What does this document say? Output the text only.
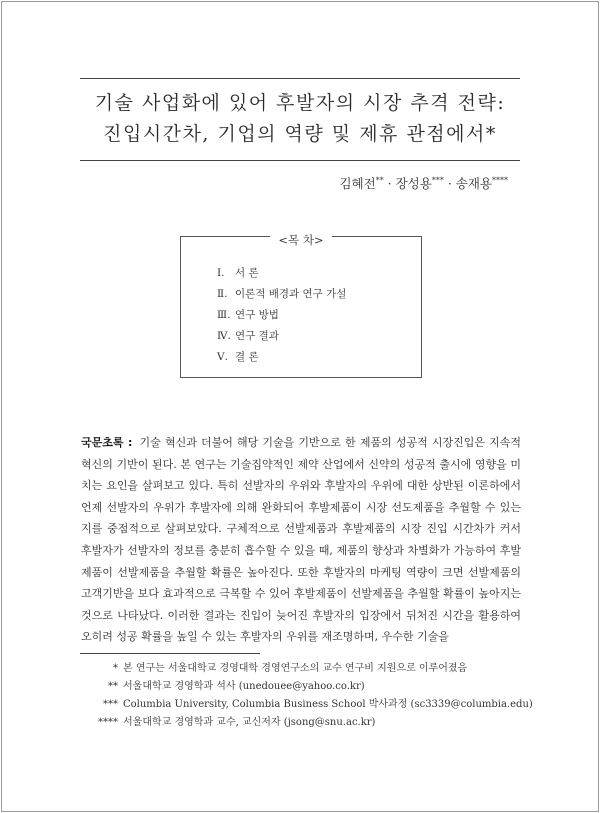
기술 사업화에 있어 후발자의 시장 추격 전략:
진입시간차, 기업의 역량 및 제휴 관점에서*
김혜전** · 장성용*** · 송재용****
<목 차>
Ⅰ. 서 론
Ⅱ. 이론적 배경과 연구 가설
Ⅲ. 연구 방법
Ⅳ. 연구 결과
Ⅴ. 결 론
국문초록 : 기술 혁신과 더불어 해당 기술을 기반으로 한 제품의 성공적 시장진입은 지속적 혁신의 기반이 된다. 본 연구는 기술집약적인 제약 산업에서 신약의 성공적 출시에 영향을 미치는 요인을 살펴보고 있다. 특히 선발자의 우위와 후발자의 우위에 대한 상반된 이론하에서 언제 선발자의 우위가 후발자에 의해 완화되어 후발제품이 시장 선도제품을 추월할 수 있는지를 중점적으로 살펴보았다. 구체적으로 선발제품과 후발제품의 시장 진입 시간차가 커서 후발자가 선발자의 정보를 충분히 흡수할 수 있을 때, 제품의 향상과 차별화가 가능하여 후발제품이 선발제품을 추월할 확률은 높아진다. 또한 후발자의 마케팅 역량이 크면 선발제품의 고객기반을 보다 효과적으로 극복할 수 있어 후발제품이 선발제품을 추월할 확률이 높아지는 것으로 나타났다. 이러한 결과는 진입이 늦어진 후발자의 입장에서 뒤처진 시간을 활용하여 오히려 성공 확률을 높일 수 있는 후발자의 우위를 재조명하며, 우수한 기술을
* 본 연구는 서울대학교 경영대학 경영연구소의 교수 연구비 지원으로 이루어졌음
** 서울대학교 경영학과 석사 (unedouee@yahoo.co.kr)
*** Columbia University, Columbia Business School 박사과정 (sc3339@columbia.edu)
**** 서울대학교 경영학과 교수, 교신저자 (jsong@snu.ac.kr)
